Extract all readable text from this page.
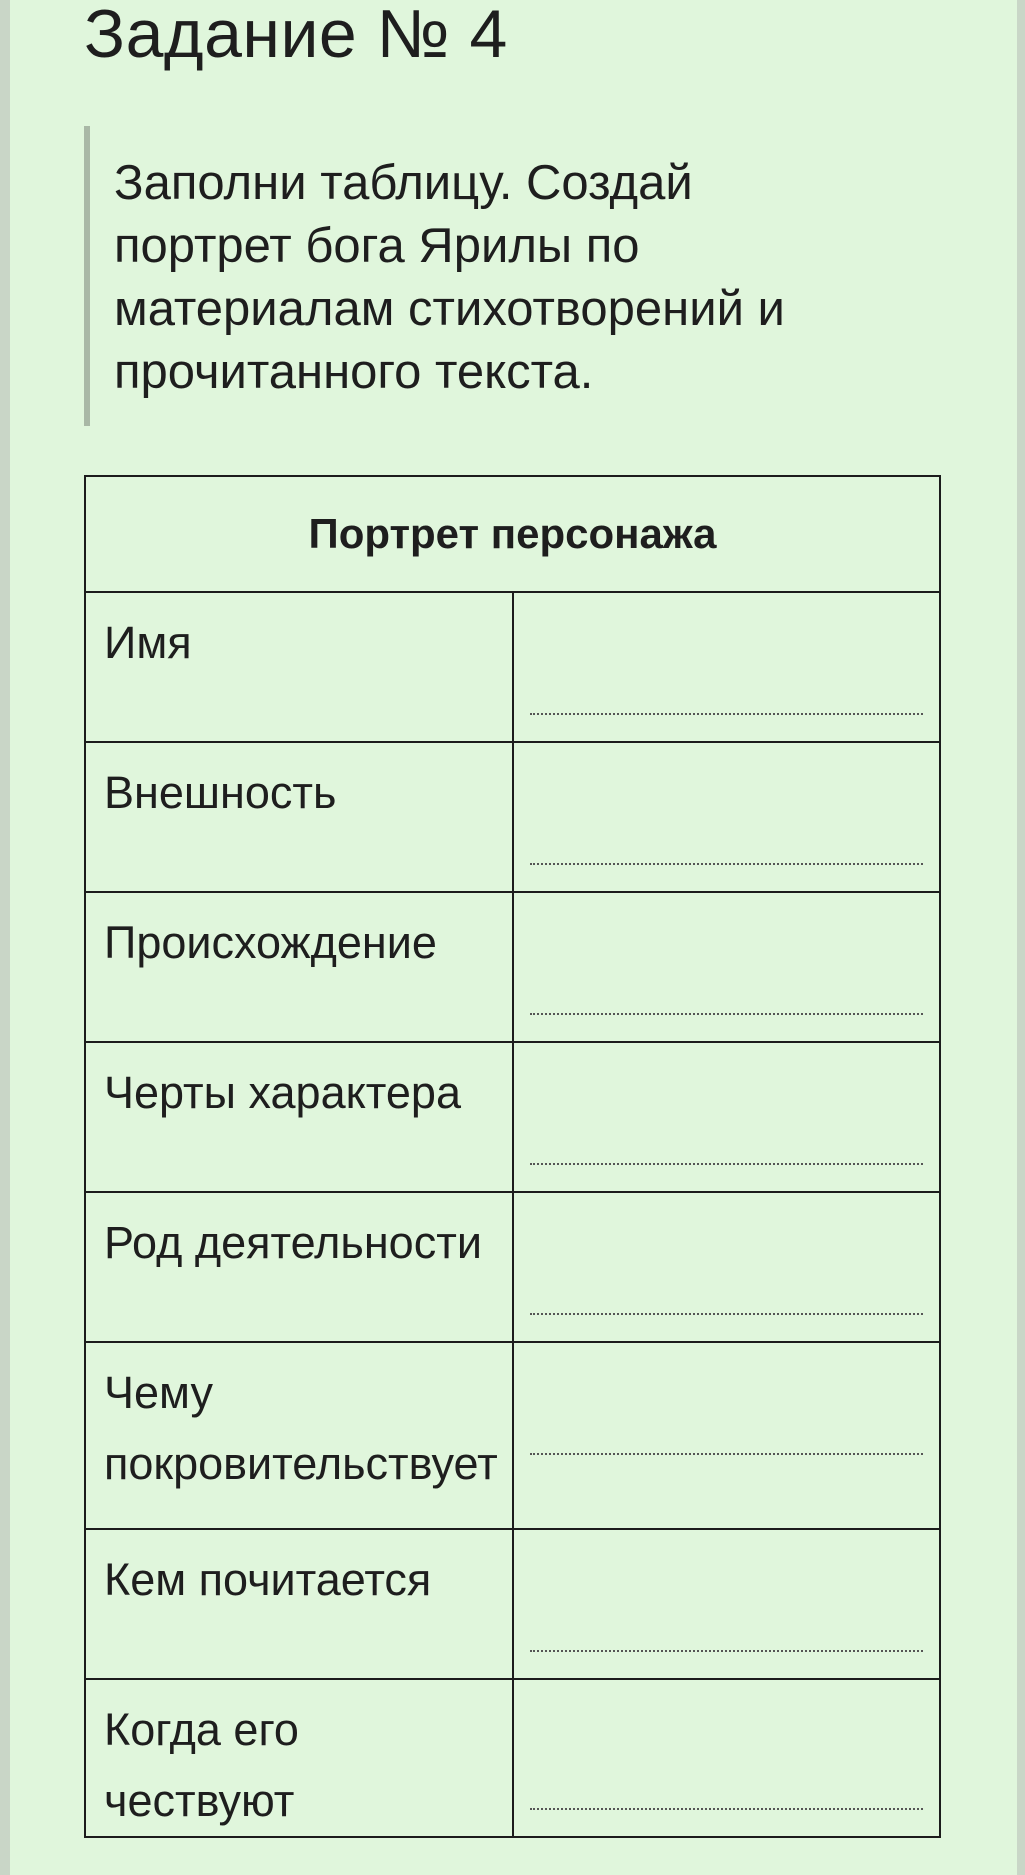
Задание № 4

Заполни таблицу. Создай портрет бога Ярилы по материалам стихотворений и прочитанного текста.

Портрет персонажа	
Имя	

Внешность	

Происхождение	

Черты характера	

Род деятельности	

Чему покровительствует	

Кем почитается	

Когда его чествуют	
